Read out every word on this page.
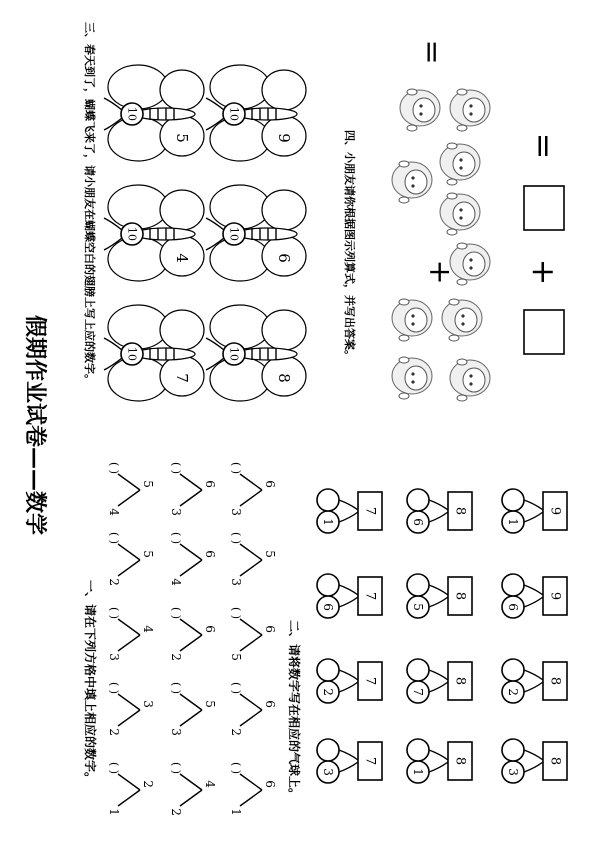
假期作业试卷——数学
一、请在下列方格中填上相应的数字。	二、请将数字写在相应的气球上。
三、春天到了，蝴蝶飞来了，请小朋友在蝴蝶空白的翅膀上写上应的数字。	四、小朋友请你根据图示列算式，并写出答案。
1
( )
2
2
( )
3
3
( )
4
2
( )
5
4
( )
5
2
( )
4
3
( )
5
2
( )
6
4
( )
6
3
( )
6
1
( )
6
2
( )
6
5
( )
6
3
( )
5
3
( )
6
7
3
7
2
7
6
7
1
8
1
8
7
8
5
8
6
8
3
8
2
9
6
9
1
10
5
10
4
10
7
10
9
10
6
10
8
+
=
+
=
